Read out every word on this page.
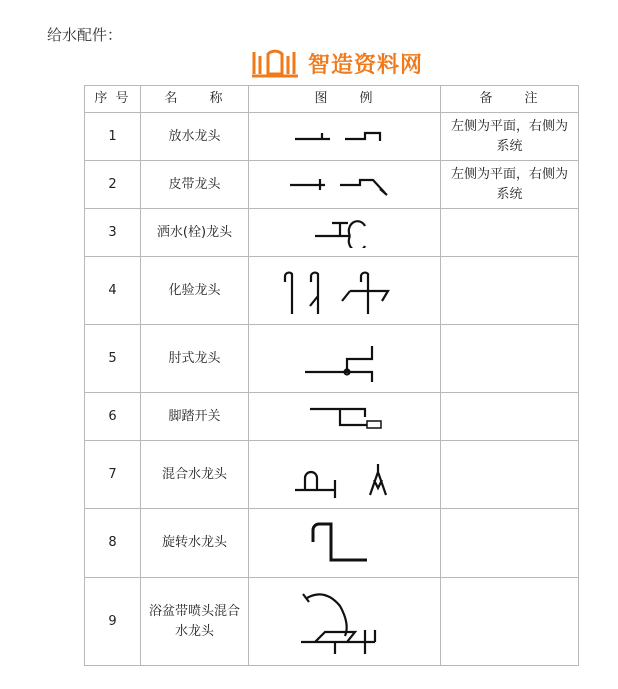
给水配件：
智造资料网
序 号	名　　称	图　　例	备　　注
1	放水龙头		左侧为平面，右侧为系统
2	皮带龙头		左侧为平面，右侧为系统
3	洒水(栓)龙头	

4	化验龙头	

5	肘式龙头	

6	脚踏开关	

7	混合水龙头	

8	旋转水龙头	

9	浴盆带喷头混合水龙头	
